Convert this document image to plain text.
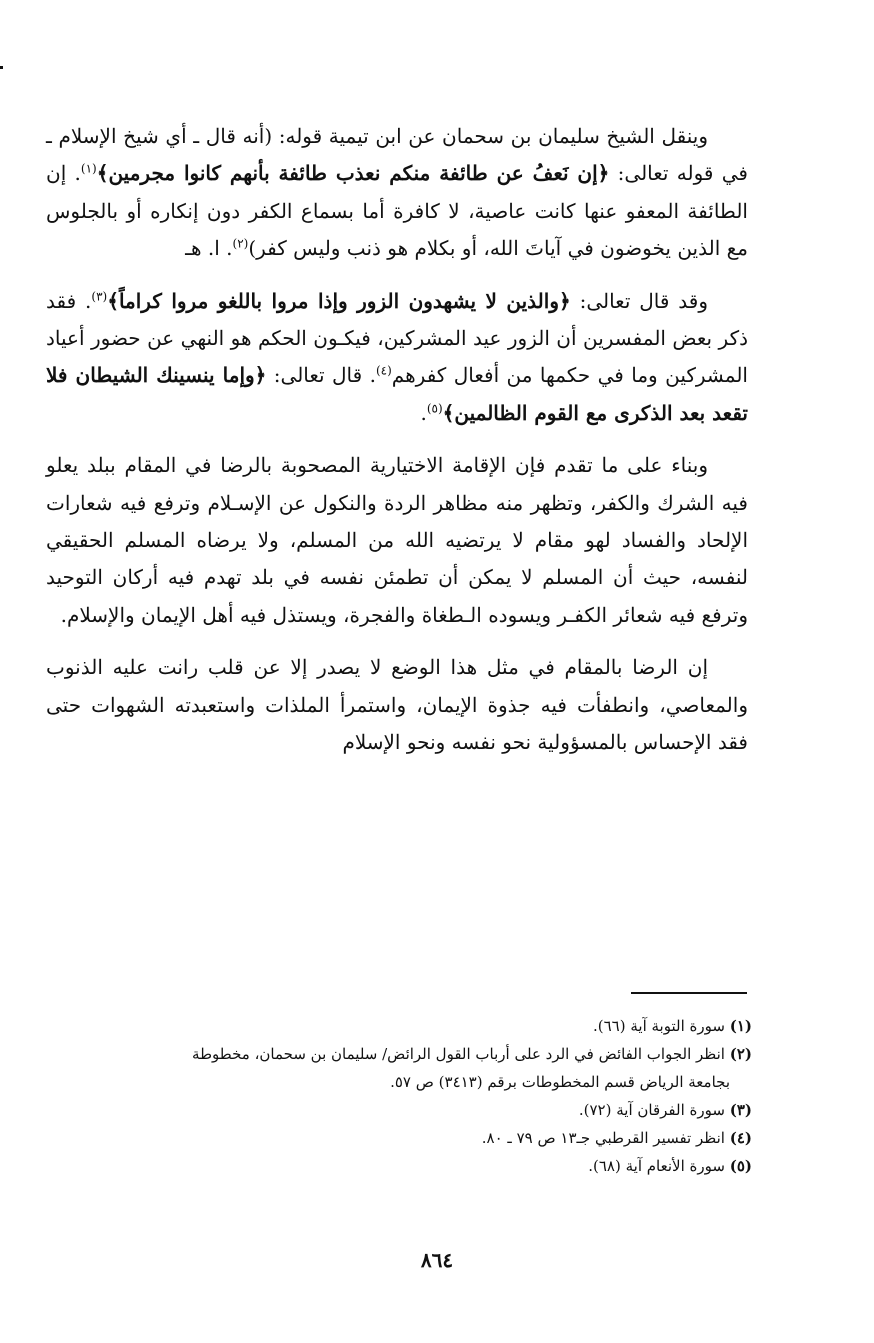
وينقل الشيخ سليمان بن سحمان عن ابن تيمية قوله: (أنه قال ـ أي شيخ الإسلام ـ في قوله تعالى: ﴿إن نَعفُ عن طائفة منكم نعذب طائفة بأنهم كانوا مجرمين﴾$^{(١)}$. إن الطائفة المعفو عنها كانت عاصية، لا كافرة أما بسماع الكفر دون إنكاره أو بالجلوس مع الذين يخوضون في آياتَ الله، أو بكلام هو ذنب وليس كفر)$^{(٢)}$. ا. هـ

وقد قال تعالى: ﴿والذين لا يشهدون الزور وإذا مروا باللغو مروا كراماً﴾$^{(٣)}$. فقد ذكر بعض المفسرين أن الزور عيد المشركين، فيكـون الحكم هو النهي عن حضور أعياد المشركين وما في حكمها من أفعال كفرهم$^{(٤)}$. قال تعالى: ﴿وإما ينسينك الشيطان فلا تقعد بعد الذكرى مع القوم الظالمين﴾$^{(٥)}$.

وبناء على ما تقدم فإن الإقامة الاختيارية المصحوبة بالرضا في المقام ببلد يعلو فيه الشرك والكفر، وتظهر منه مظاهر الردة والنكول عن الإسـلام وترفع فيه شعارات الإلحاد والفساد لهو مقام لا يرتضيه الله من المسلم، ولا يرضاه المسلم الحقيقي لنفسه، حيث أن المسلم لا يمكن أن تطمئن نفسه في بلد تهدم فيه أركان التوحيد وترفع فيه شعائر الكفـر ويسوده الـطغاة والفجرة، ويستذل فيه أهل الإيمان والإسلام.

إن الرضا بالمقام في مثل هذا الوضع لا يصدر إلا عن قلب رانت عليه الذنوب والمعاصي، وانطفأت فيه جذوة الإيمان، واستمرأ الملذات واستعبدته الشهوات حتى فقد الإحساس بالمسؤولية نحو نفسه ونحو الإسلام

(١) سورة التوبة آية (٦٦).

(٢) انظر الجواب الفائض في الرد على أرباب القول الرائض/ سليمان بن سحمان، مخطوطة

بجامعة الرياض قسم المخطوطات برقم (٣٤١٣) ص ٥٧.

(٣) سورة الفرقان آية (٧٢).

(٤) انظر تفسير القرطبي جـ١٣ ص ٧٩ ـ ٨٠.

(٥) سورة الأنعام آية (٦٨).

٨٦٤
